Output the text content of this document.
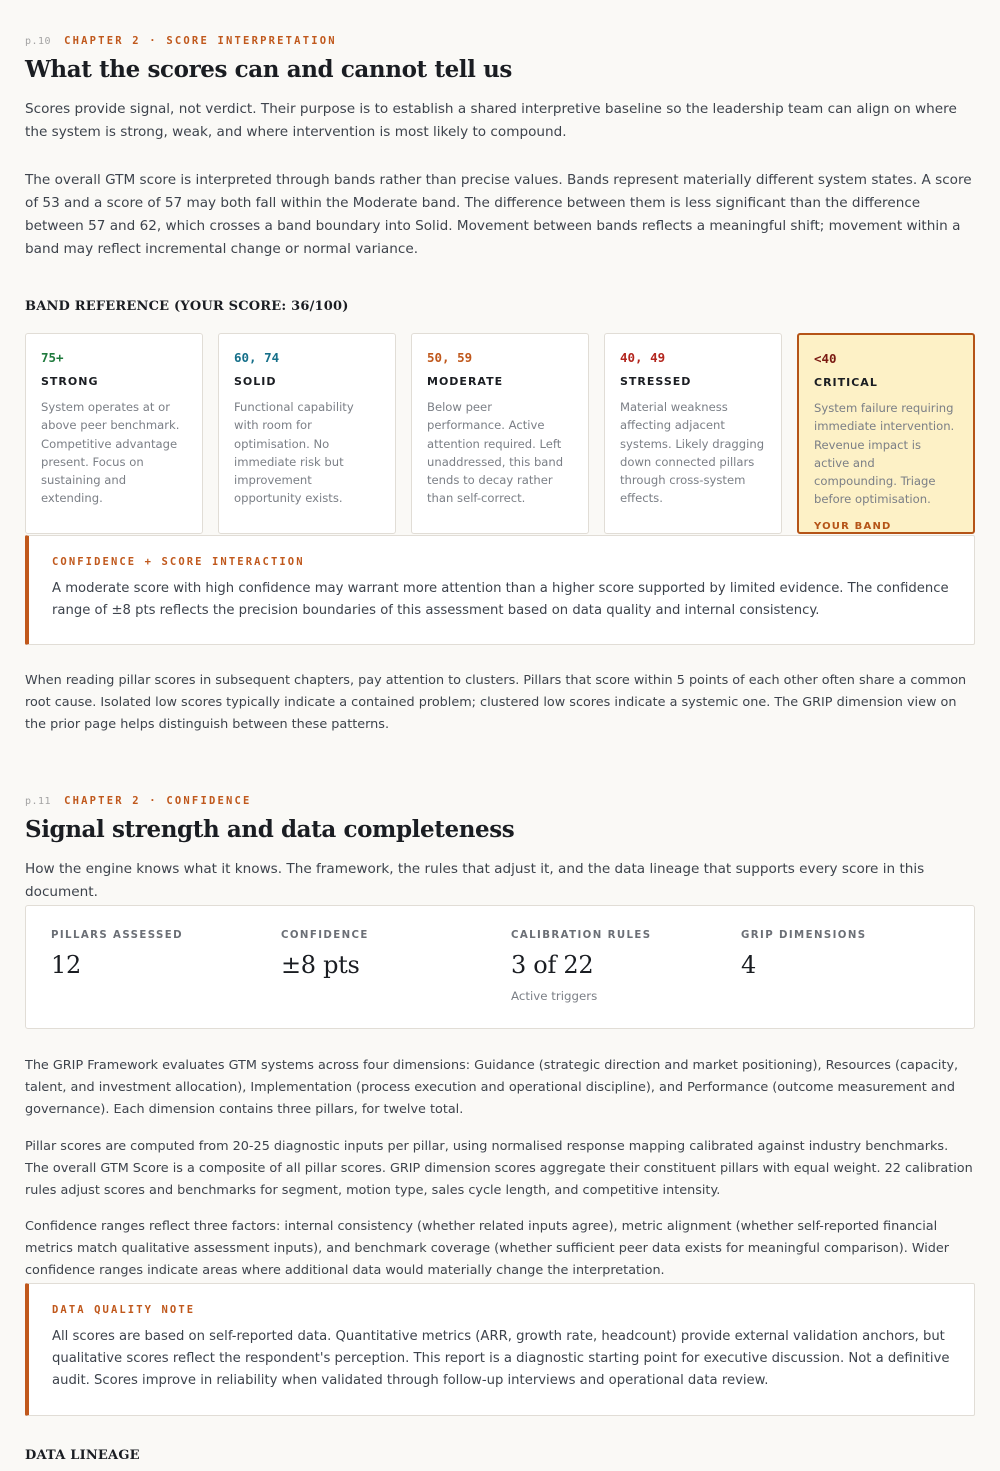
p.10 CHAPTER 2 · SCORE INTERPRETATION
What the scores can and cannot tell us
Scores provide signal, not verdict. Their purpose is to establish a shared interpretive baseline so the leadership team can align on where the system is strong, weak, and where intervention is most likely to compound.
The overall GTM score is interpreted through bands rather than precise values. Bands represent materially different system states. A score of 53 and a score of 57 may both fall within the Moderate band. The difference between them is less significant than the difference between 57 and 62, which crosses a band boundary into Solid. Movement between bands reflects a meaningful shift; movement within a band may reflect incremental change or normal variance.
BAND REFERENCE (YOUR SCORE: 36/100)
75+
STRONG
System operates at or above peer benchmark. Competitive advantage present. Focus on sustaining and extending.
60, 74
SOLID
Functional capability with room for optimisation. No immediate risk but improvement opportunity exists.
50, 59
MODERATE
Below peer performance. Active attention required. Left unaddressed, this band tends to decay rather than self-correct.
40, 49
STRESSED
Material weakness affecting adjacent systems. Likely dragging down connected pillars through cross-system effects.
<40
CRITICAL
System failure requiring immediate intervention. Revenue impact is active and compounding. Triage before optimisation.
YOUR BAND
CONFIDENCE + SCORE INTERACTION
A moderate score with high confidence may warrant more attention than a higher score supported by limited evidence. The confidence range of ±8 pts reflects the precision boundaries of this assessment based on data quality and internal consistency.
When reading pillar scores in subsequent chapters, pay attention to clusters. Pillars that score within 5 points of each other often share a common root cause. Isolated low scores typically indicate a contained problem; clustered low scores indicate a systemic one. The GRIP dimension view on the prior page helps distinguish between these patterns.
p.11 CHAPTER 2 · CONFIDENCE
Signal strength and data completeness
How the engine knows what it knows. The framework, the rules that adjust it, and the data lineage that supports every score in this document.
PILLARS ASSESSED
12
CONFIDENCE
±8 pts
CALIBRATION RULES
3 of 22
Active triggers
GRIP DIMENSIONS
4
The GRIP Framework evaluates GTM systems across four dimensions: Guidance (strategic direction and market positioning), Resources (capacity, talent, and investment allocation), Implementation (process execution and operational discipline), and Performance (outcome measurement and governance). Each dimension contains three pillars, for twelve total.
Pillar scores are computed from 20-25 diagnostic inputs per pillar, using normalised response mapping calibrated against industry benchmarks. The overall GTM Score is a composite of all pillar scores. GRIP dimension scores aggregate their constituent pillars with equal weight. 22 calibration rules adjust scores and benchmarks for segment, motion type, sales cycle length, and competitive intensity.
Confidence ranges reflect three factors: internal consistency (whether related inputs agree), metric alignment (whether self-reported financial metrics match qualitative assessment inputs), and benchmark coverage (whether sufficient peer data exists for meaningful comparison). Wider confidence ranges indicate areas where additional data would materially change the interpretation.
DATA QUALITY NOTE
All scores are based on self-reported data. Quantitative metrics (ARR, growth rate, headcount) provide external validation anchors, but qualitative scores reflect the respondent's perception. This report is a diagnostic starting point for executive discussion. Not a definitive audit. Scores improve in reliability when validated through follow-up interviews and operational data review.
DATA LINEAGE
